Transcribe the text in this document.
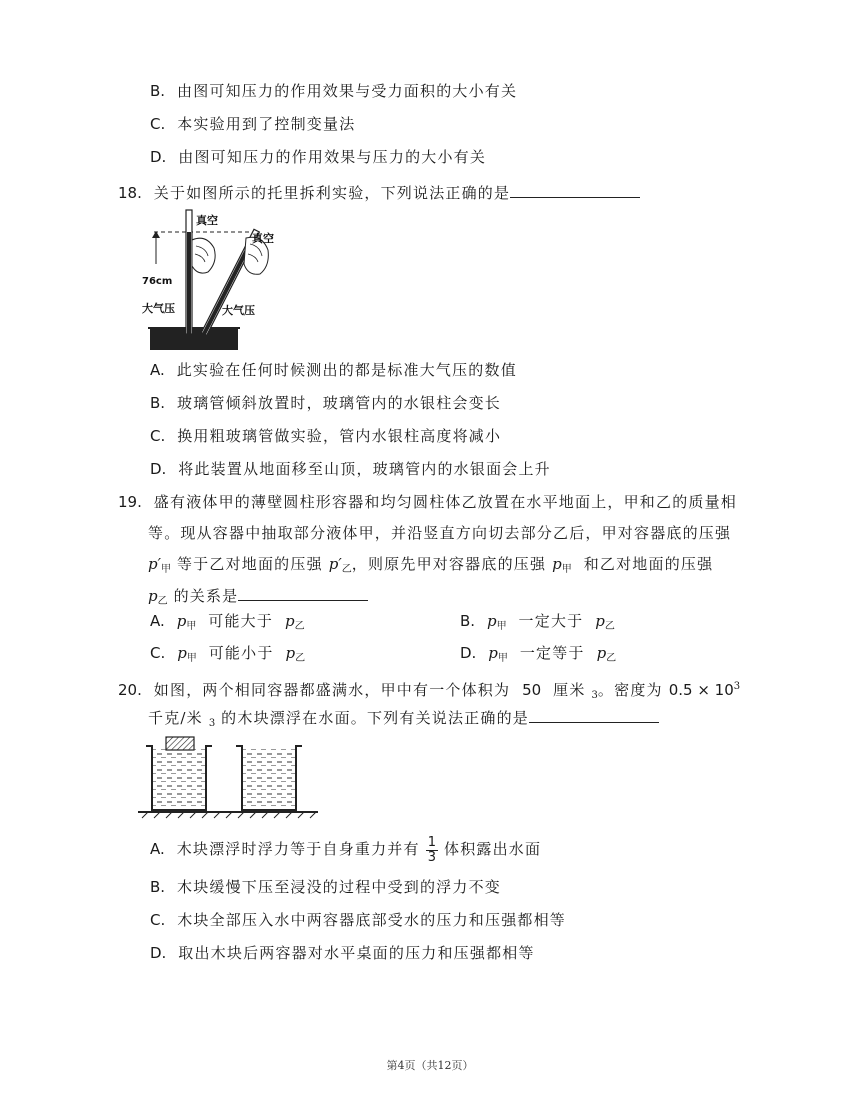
B. 由图可知压力的作用效果与受力面积的大小有关
C. 本实验用到了控制变量法
D. 由图可知压力的作用效果与压力的大小有关
18. 关于如图所示的托里拆利实验，下列说法正确的是
真空
真空
76cm
大气压	大气压
A. 此实验在任何时候测出的都是标准大气压的数值
B. 玻璃管倾斜放置时，玻璃管内的水银柱会变长
C. 换用粗玻璃管做实验，管内水银柱高度将减小
D. 将此装置从地面移至山顶，玻璃管内的水银面会上升
19. 盛有液体甲的薄壁圆柱形容器和均匀圆柱体乙放置在水平地面上，甲和乙的质量相
等。现从容器中抽取部分液体甲，并沿竖直方向切去部分乙后，甲对容器底的压强
$p'_甲$ 等于乙对地面的压强 $p'_乙$，则原先甲对容器底的压强 $p_甲$ 和乙对地面的压强
$p_乙$ 的关系是
A. $p_甲$ 可能大于 $p_乙$	B. $p_甲$ 一定大于 $p_乙$
C. $p_甲$ 可能小于 $p_乙$	D. $p_甲$ 一定等于 $p_乙$
20. 如图，两个相同容器都盛满水，甲中有一个体积为 50 厘米 $_3$。密度为 $0.5 \times 10^3$
千克/米 $_3$ 的木块漂浮在水面。下列有关说法正确的是
A. 木块漂浮时浮力等于自身重力并有 $\frac{1}{3}$ 体积露出水面
B. 木块缓慢下压至浸没的过程中受到的浮力不变
C. 木块全部压入水中两容器底部受水的压力和压强都相等
D. 取出木块后两容器对水平桌面的压力和压强都相等
第4页（共12页）
